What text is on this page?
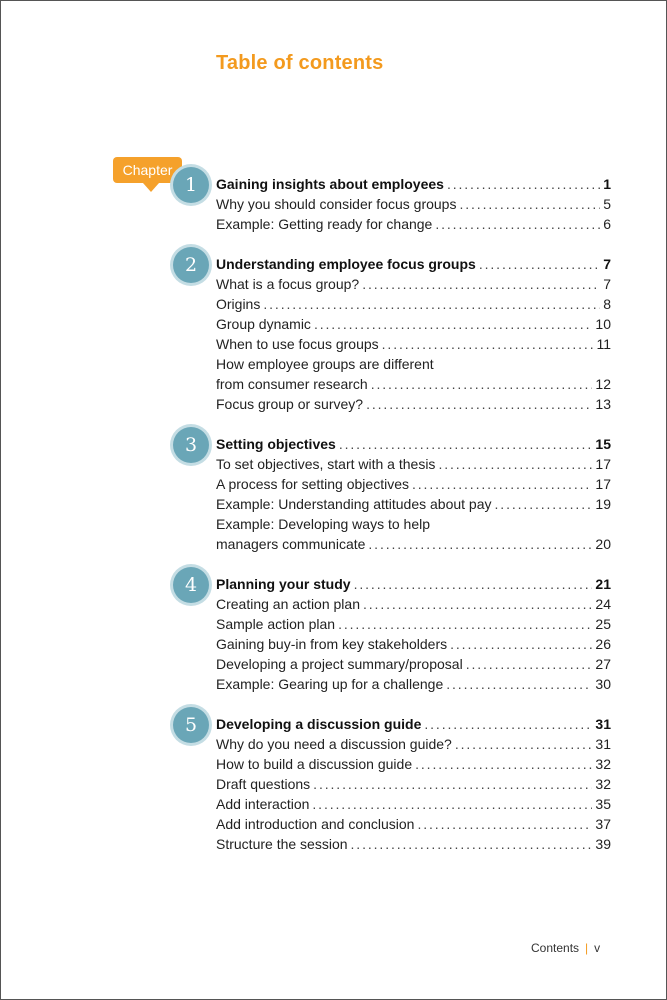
Table of contents
Chapter
1	Gaining insights about employees . . .	1
Why you should consider focus groups . . .	5
Example: Getting ready for change . . .	6
2	Understanding employee focus groups . . .	7
What is a focus group? . . .	7
Origins . . .	8
Group dynamic . . .	10
When to use focus groups . . .	11
How employee groups are different
from consumer research . . .	12
Focus group or survey? . . .	13
3	Setting objectives . . .	15
To set objectives, start with a thesis . . .	17
A process for setting objectives . . .	17
Example: Understanding attitudes about pay . . .	19
Example: Developing ways to help
managers communicate . . .	20
4	Planning your study . . .	21
Creating an action plan . . .	24
Sample action plan . . .	25
Gaining buy-in from key stakeholders . . .	26
Developing a project summary/proposal . . .	27
Example: Gearing up for a challenge . . .	30
5	Developing a discussion guide . . .	31
Why do you need a discussion guide? . . .	31
How to build a discussion guide . . .	32
Draft questions . . .	32
Add interaction . . .	35
Add introduction and conclusion . . .	37
Structure the session . . .	39
Contents | v
